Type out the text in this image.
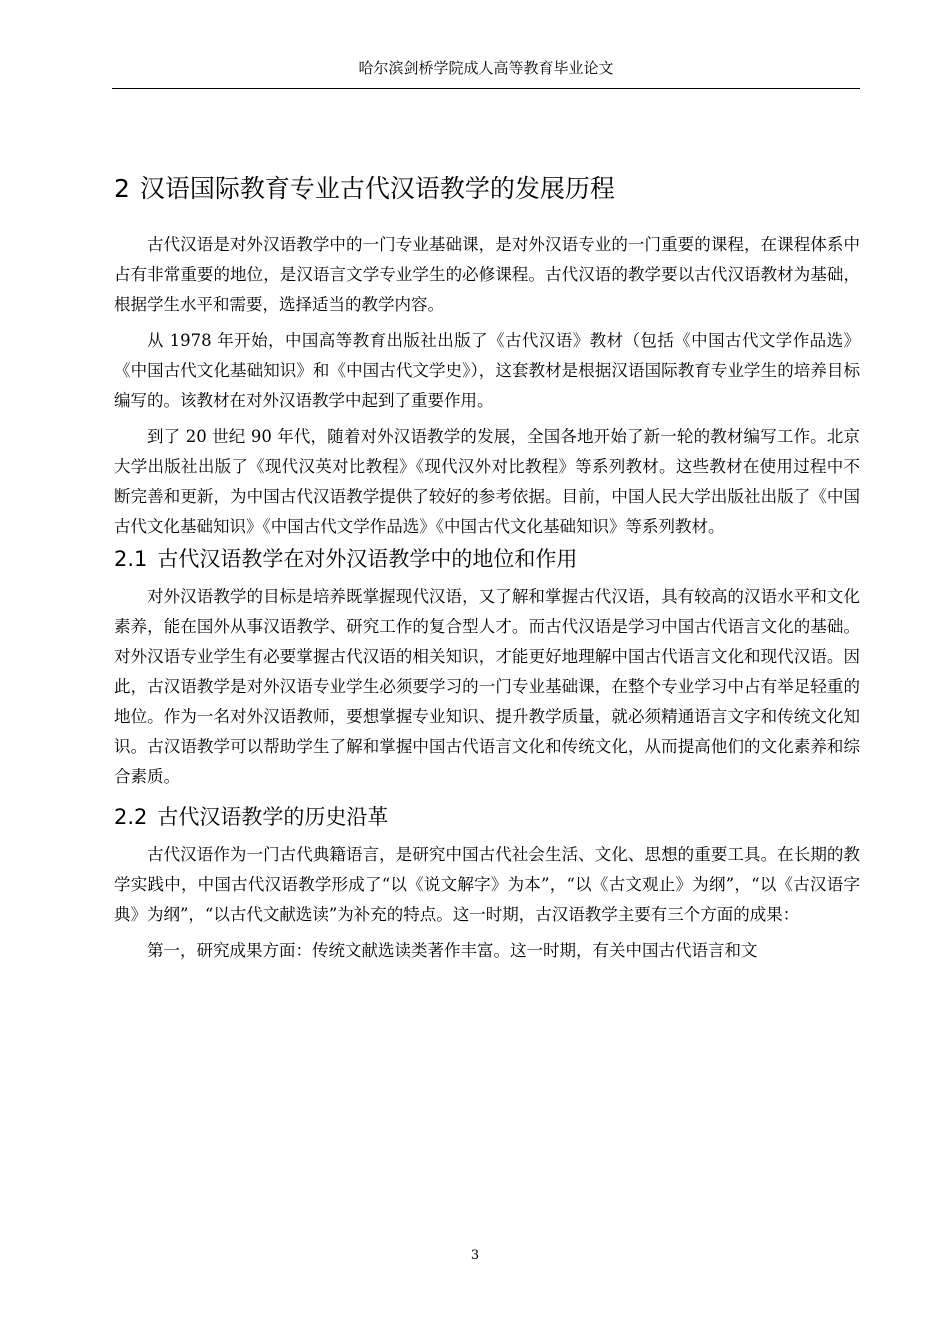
哈尔滨剑桥学院成人高等教育毕业论文
2 汉语国际教育专业古代汉语教学的发展历程

古代汉语是对外汉语教学中的一门专业基础课，是对外汉语专业的一门重要的课程，在课程体系中占有非常重要的地位，是汉语言文学专业学生的必修课程。古代汉语的教学要以古代汉语教材为基础，根据学生水平和需要，选择适当的教学内容。

从 1978 年开始，中国高等教育出版社出版了《古代汉语》教材（包括《中国古代文学作品选》《中国古代文化基础知识》和《中国古代文学史》），这套教材是根据汉语国际教育专业学生的培养目标编写的。该教材在对外汉语教学中起到了重要作用。

到了 20 世纪 90 年代，随着对外汉语教学的发展，全国各地开始了新一轮的教材编写工作。北京大学出版社出版了《现代汉英对比教程》《现代汉外对比教程》等系列教材。这些教材在使用过程中不断完善和更新，为中国古代汉语教学提供了较好的参考依据。目前，中国人民大学出版社出版了《中国古代文化基础知识》《中国古代文学作品选》《中国古代文化基础知识》等系列教材。

2.1 古代汉语教学在对外汉语教学中的地位和作用

对外汉语教学的目标是培养既掌握现代汉语，又了解和掌握古代汉语，具有较高的汉语水平和文化素养，能在国外从事汉语教学、研究工作的复合型人才。而古代汉语是学习中国古代语言文化的基础。对外汉语专业学生有必要掌握古代汉语的相关知识，才能更好地理解中国古代语言文化和现代汉语。因此，古汉语教学是对外汉语专业学生必须要学习的一门专业基础课，在整个专业学习中占有举足轻重的地位。作为一名对外汉语教师，要想掌握专业知识、提升教学质量，就必须精通语言文字和传统文化知识。古汉语教学可以帮助学生了解和掌握中国古代语言文化和传统文化，从而提高他们的文化素养和综合素质。

2.2 古代汉语教学的历史沿革

古代汉语作为一门古代典籍语言，是研究中国古代社会生活、文化、思想的重要工具。在长期的教学实践中，中国古代汉语教学形成了“以《说文解字》为本”，“以《古文观止》为纲”，“以《古汉语字典》为纲”，“以古代文献选读”为补充的特点。这一时期，古汉语教学主要有三个方面的成果：

第一，研究成果方面：传统文献选读类著作丰富。这一时期，有关中国古代语言和文

3
